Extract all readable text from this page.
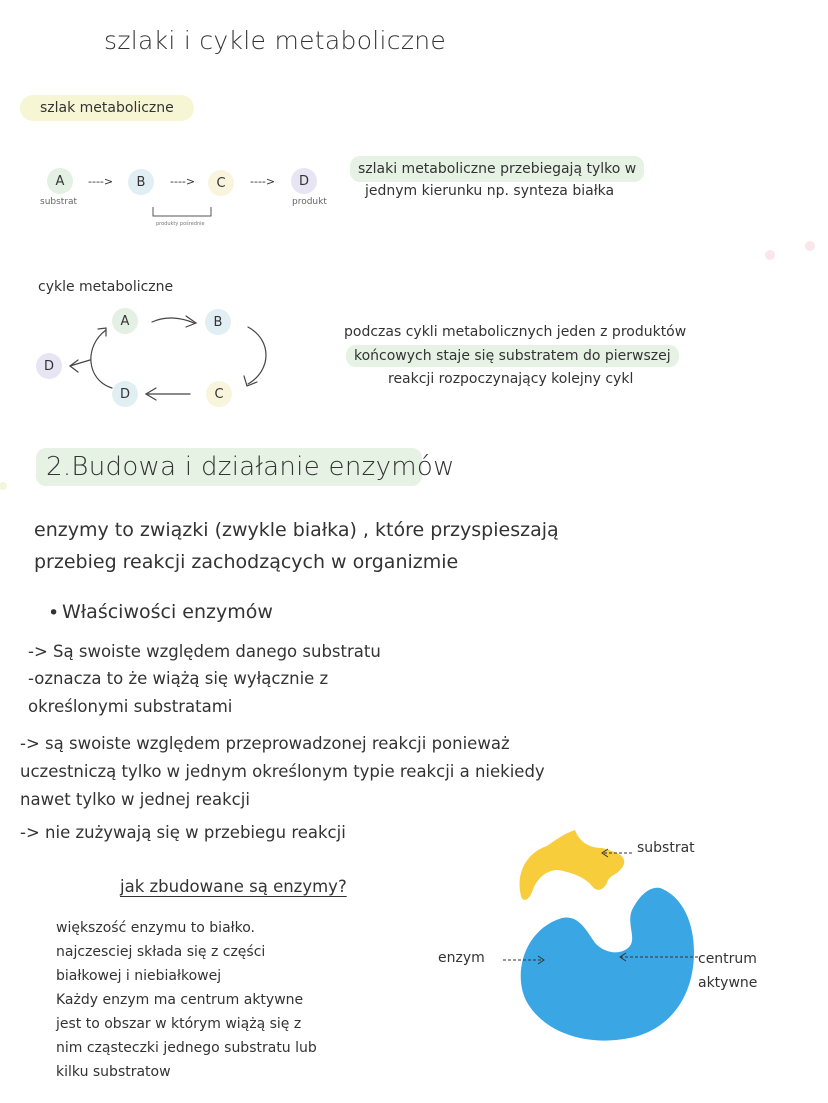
szlaki i cykle metaboliczne
szlak metaboliczne
A	---->	B	---->	C	---->	D
substrat	produkt
produkty pośrednie
szlaki metaboliczne przebiegają tylko w
jednym kierunku np. synteza białka
cykle metaboliczne
A	B
C
D
D
podczas cykli metabolicznych jeden z produktów
końcowych staje się substratem do pierwszej
reakcji rozpoczynający kolejny cykl
2.Budowa i działanie enzymów
enzymy to związki (zwykle białka) , które przyspieszają
przebieg reakcji zachodzących w organizmie
• Właściwości enzymów
-> Są swoiste względem danego substratu
-oznacza to że wiążą się wyłącznie z
określonymi substratami
-> są swoiste względem przeprowadzonej reakcji ponieważ
uczestniczą tylko w jednym określonym typie reakcji a niekiedy
nawet tylko w jednej reakcji
-> nie zużywają się w przebiegu reakcji
jak zbudowane są enzymy?
większość enzymu to białko.
najczesciej składa się z części
białkowej i niebiałkowej
Każdy enzym ma centrum aktywne
jest to obszar w którym wiążą się z
nim cząsteczki jednego substratu lub
kilku substratow
substrat
enzym	centrum
aktywne
